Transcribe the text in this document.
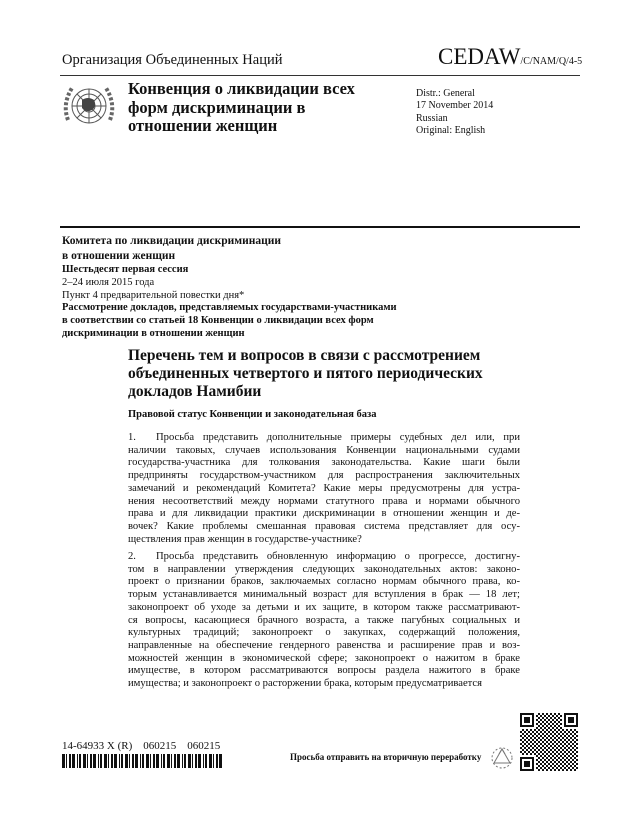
Организация Объединенных Наций	CEDAW/C/NAM/Q/4-5
Конвенция о ликвидации всех
форм дискриминации в
отношении женщин
Distr.: General
17 November 2014
Russian
Original: English
Комитета по ликвидации дискриминации
в отношении женщин
Шестьдесят первая сессия
2–24 июля 2015 года
Пункт 4 предварительной повестки дня*
Рассмотрение докладов, представляемых государствами-участниками
в соответствии со статьей 18 Конвенции о ликвидации всех форм
дискриминации в отношении женщин
Перечень тем и вопросов в связи с рассмотрением
объединенных четвертого и пятого периодических
докладов Намибии
Правовой статус Конвенции и законодательная база
1. Просьба представить дополнительные примеры судебных дел или, при
наличии таковых, случаев использования Конвенции национальными судами
государства-участника для толкования законодательства. Какие шаги были
предприняты государством-участником для распространения заключительных
замечаний и рекомендаций Комитета? Какие меры предусмотрены для устра-
нения несоответствий между нормами статутного права и нормами обычного
права и для ликвидации практики дискриминации в отношении женщин и де-
вочек? Какие проблемы смешанная правовая система представляет для осу-
ществления прав женщин в государстве-участнике?
2. Просьба представить обновленную информацию о прогрессе, достигну-
том в направлении утверждения следующих законодательных актов: законо-
проект о признании браков, заключаемых согласно нормам обычного права, ко-
торым устанавливается минимальный возраст для вступления в брак — 18 лет;
законопроект об уходе за детьми и их защите, в котором также рассматривают-
ся вопросы, касающиеся брачного возраста, а также пагубных социальных и
культурных традиций; законопроект о закупках, содержащий положения,
направленные на обеспечение гендерного равенства и расширение прав и воз-
можностей женщин в экономической сфере; законопроект о нажитом в браке
имуществе, в котором рассматриваются вопросы раздела нажитого в браке
имущества; и законопроект о расторжении брака, которым предусматривается
14-64933 X (R)    060215    060215
Просьба отправить на вторичную переработку
